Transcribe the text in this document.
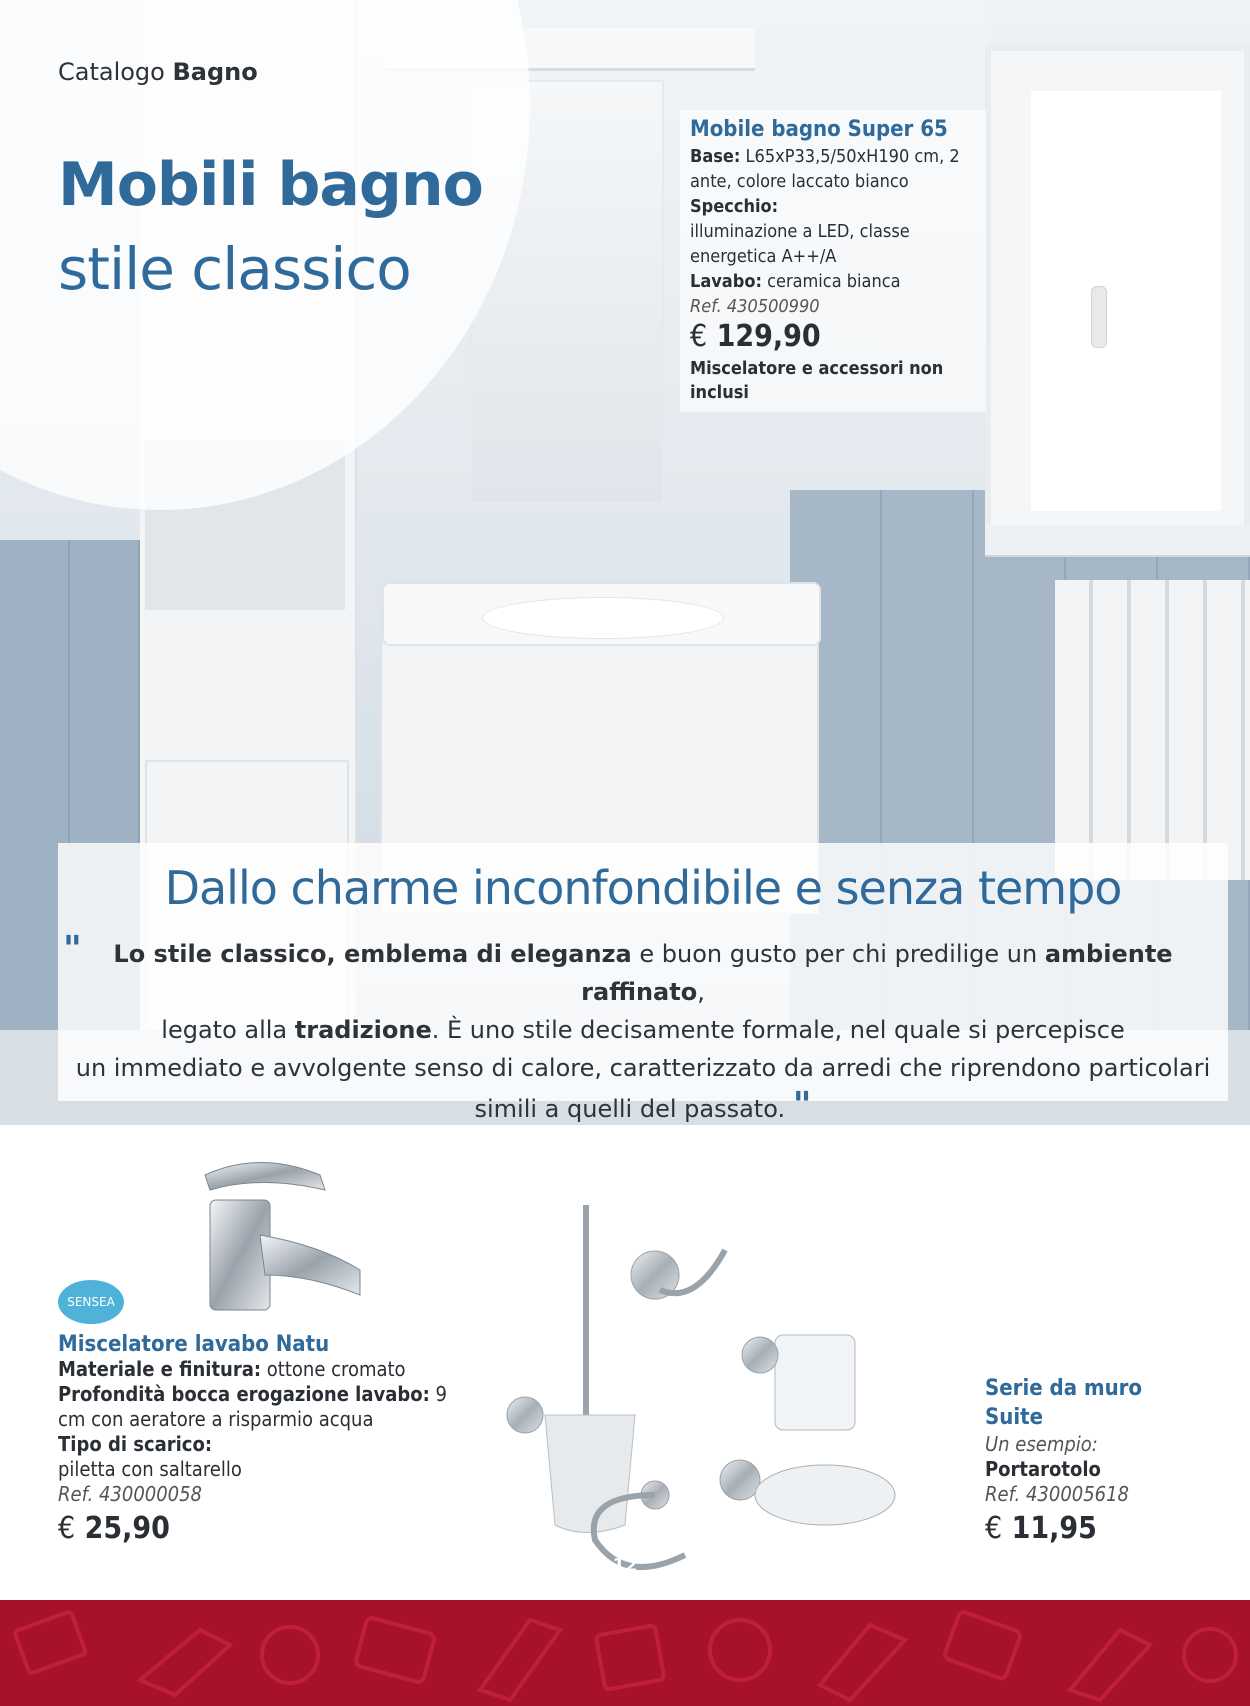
Catalogo Bagno
Mobili bagno
stile classico
Mobile bagno Super 65
Base: L65xP33,5/50xH190 cm, 2 ante, colore laccato bianco
Specchio:
illuminazione a LED, classe energetica A++/A
Lavabo: ceramica bianca
Ref. 430500990
€ 129,90
Miscelatore e accessori non inclusi
Dallo charme inconfondibile e senza tempo
" Lo stile classico, emblema di eleganza e buon gusto per chi predilige un ambiente raffinato,
legato alla tradizione. È uno stile decisamente formale, nel quale si percepisce
un immediato e avvolgente senso di calore, caratterizzato da arredi che riprendono particolari
simili a quelli del passato. "
SENSEA
Miscelatore lavabo Natu
Materiale e finitura: ottone cromato
Profondità bocca erogazione lavabo: 9 cm con aeratore a risparmio acqua
Tipo di scarico:
piletta con saltarello
Ref. 430000058
€ 25,90
Serie da muro
Suite
Un esempio:
Portarotolo
Ref. 430005618
€ 11,95
12
